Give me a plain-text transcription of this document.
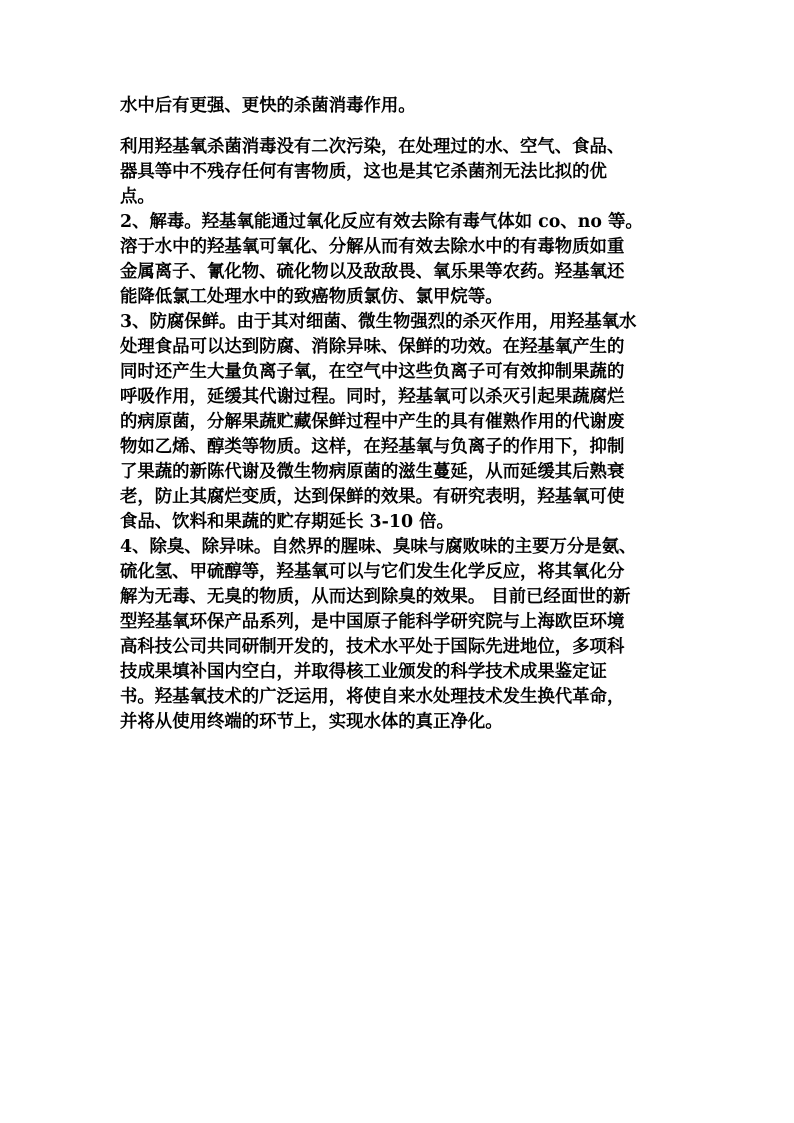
水中后有更强、更快的杀菌消毒作用。
利用羟基氧杀菌消毒没有二次污染，在处理过的水、空气、食品、
器具等中不残存任何有害物质，这也是其它杀菌剂无法比拟的优
点。
2、解毒。羟基氧能通过氧化反应有效去除有毒气体如 co、no 等。
溶于水中的羟基氧可氧化、分解从而有效去除水中的有毒物质如重
金属离子、氰化物、硫化物以及敌敌畏、氧乐果等农药。羟基氧还
能降低氯工处理水中的致癌物质氯仿、氯甲烷等。
3、防腐保鲜。由于其对细菌、微生物强烈的杀灭作用，用羟基氧水
处理食品可以达到防腐、消除异味、保鲜的功效。在羟基氧产生的
同时还产生大量负离子氧，在空气中这些负离子可有效抑制果蔬的
呼吸作用，延缓其代谢过程。同时，羟基氧可以杀灭引起果蔬腐烂
的病原菌，分解果蔬贮藏保鲜过程中产生的具有催熟作用的代谢废
物如乙烯、醇类等物质。这样，在羟基氧与负离子的作用下，抑制
了果蔬的新陈代谢及微生物病原菌的滋生蔓延，从而延缓其后熟衰
老，防止其腐烂变质，达到保鲜的效果。有研究表明，羟基氧可使
食品、饮料和果蔬的贮存期延长 3-10 倍。
4、除臭、除异味。自然界的腥味、臭味与腐败味的主要万分是氨、
硫化氢、甲硫醇等，羟基氧可以与它们发生化学反应，将其氧化分
解为无毒、无臭的物质，从而达到除臭的效果。 目前已经面世的新
型羟基氧环保产品系列，是中国原子能科学研究院与上海欧臣环境
高科技公司共同研制开发的，技术水平处于国际先进地位，多项科
技成果填补国内空白，并取得核工业颁发的科学技术成果鉴定证
书。羟基氧技术的广泛运用，将使自来水处理技术发生换代革命，
并将从使用终端的环节上，实现水体的真正净化。
